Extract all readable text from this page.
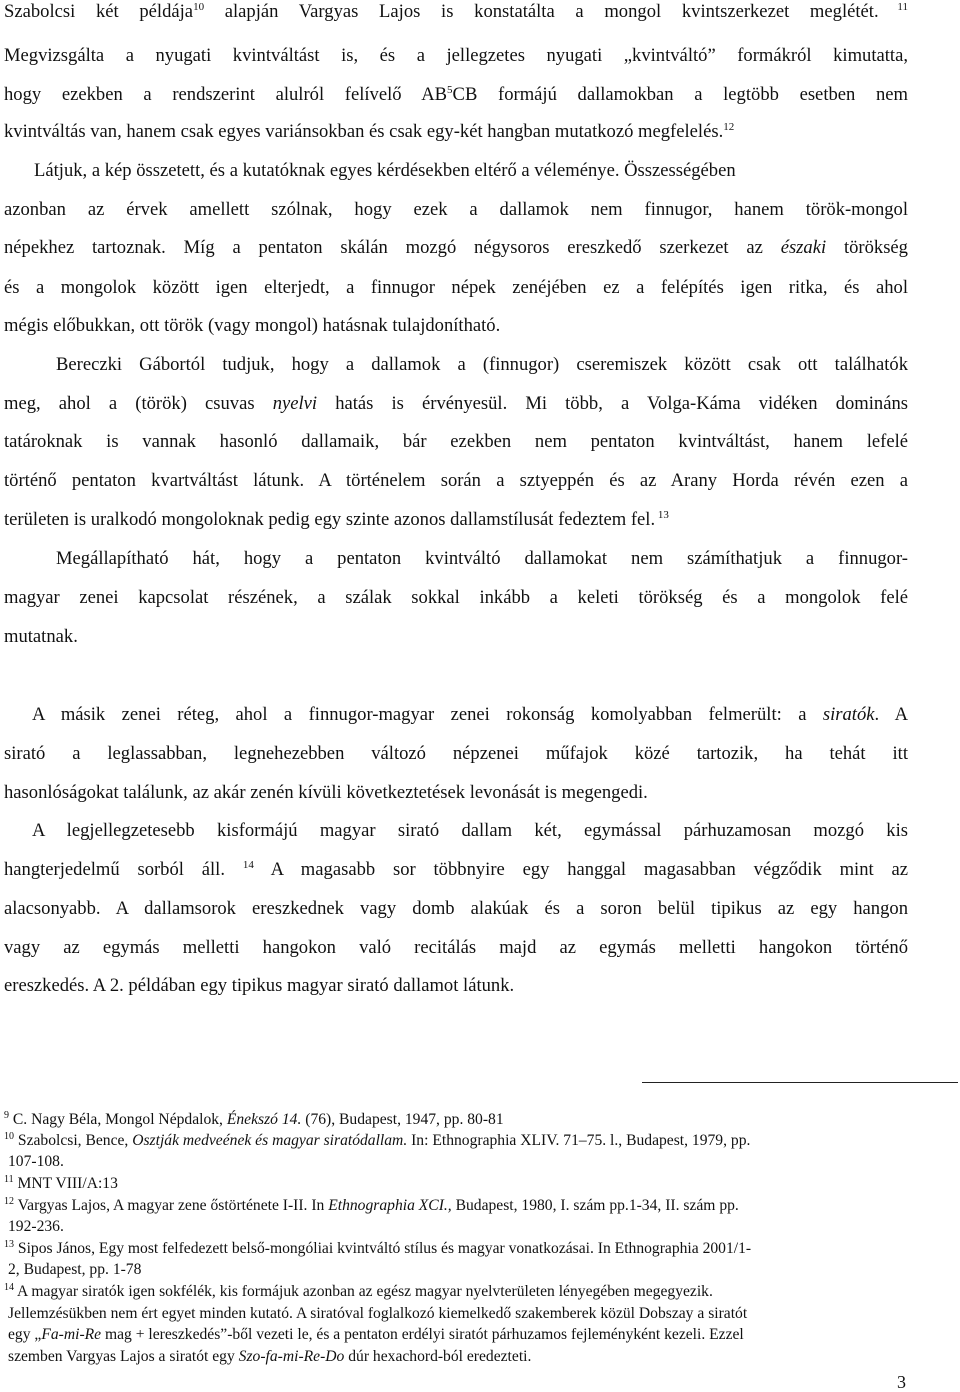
Szabolcsi két példája$^{10}$ alapján Vargyas Lajos is konstatálta a mongol kvintszerkezet meglétét. $^{11}$
Megvizsgálta a nyugati kvintváltást is, és a jellegzetes nyugati „kvintváltó” formákról kimutatta,
hogy ezekben a rendszerint alulról felívelő $AB^5CB$ formájú dallamokban a legtöbb esetben nem
kvintváltás van, hanem csak egyes variánsokban és csak egy-két hangban mutatkozó megfelelés.$^{12}$
Látjuk, a kép összetett, és a kutatóknak egyes kérdésekben eltérő a véleménye. Összességében
azonban az érvek amellett szólnak, hogy ezek a dallamok nem finnugor, hanem török-mongol
népekhez tartoznak. Míg a pentaton skálán mozgó négysoros ereszkedő szerkezet az északi törökség
és a mongolok között igen elterjedt, a finnugor népek zenéjében ez a felépítés igen ritka, és ahol
mégis előbukkan, ott török (vagy mongol) hatásnak tulajdonítható.
Bereczki Gábortól tudjuk, hogy a dallamok a (finnugor) cseremiszek között csak ott találhatók
meg, ahol a (török) csuvas nyelvi hatás is érvényesül. Mi több, a Volga-Káma vidéken domináns
tatároknak is vannak hasonló dallamaik, bár ezekben nem pentaton kvintváltást, hanem lefelé
történő pentaton kvartváltást látunk. A történelem során a sztyeppén és az Arany Horda révén ezen a
területen is uralkodó mongoloknak pedig egy szinte azonos dallamstílusát fedeztem fel. $^{13}$
Megállapítható hát, hogy a pentaton kvintváltó dallamokat nem számíthatjuk a finnugor-
magyar zenei kapcsolat részének, a szálak sokkal inkább a keleti törökség és a mongolok felé
mutatnak.
A másik zenei réteg, ahol a finnugor-magyar zenei rokonság komolyabban felmerült: a siratók. A
sirató a leglassabban, legnehezebben változó népzenei műfajok közé tartozik, ha tehát itt
hasonlóságokat találunk, az akár zenén kívüli következtetések levonását is megengedi.
A legjellegzetesebb kisformájú magyar sirató dallam két, egymással párhuzamosan mozgó kis
hangterjedelmű sorból áll. $^{14}$ A magasabb sor többnyire egy hanggal magasabban végződik mint az
alacsonyabb. A dallamsorok ereszkednek vagy domb alakúak és a soron belül tipikus az egy hangon
vagy az egymás melletti hangokon való recitálás majd az egymás melletti hangokon történő
ereszkedés. A 2. példában egy tipikus magyar sirató dallamot látunk.
$^9$ C. Nagy Béla, Mongol Népdalok, Énekszó 14. (76), Budapest, 1947, pp. 80-81
$^{10}$ Szabolcsi, Bence, Osztják medveének és magyar siratódallam. In: Ethnographia XLIV. 71–75. l., Budapest, 1979, pp.
107-108.
$^{11}$ MNT VIII/A:13
$^{12}$ Vargyas Lajos, A magyar zene őstörténete I-II. In Ethnographia XCI., Budapest, 1980, I. szám pp.1-34, II. szám pp.
192-236.
$^{13}$ Sipos János, Egy most felfedezett belső-mongóliai kvintváltó stílus és magyar vonatkozásai. In Ethnographia 2001/1-
2, Budapest, pp. 1-78
$^{14}$ A magyar siratók igen sokfélék, kis formájuk azonban az egész magyar nyelvterületen lényegében megegyezik.
Jellemzésükben nem ért egyet minden kutató. A siratóval foglalkozó kiemelkedő szakemberek közül Dobszay a siratót
egy „Fa-mi-Re mag + lereszkedés”-ből vezeti le, és a pentaton erdélyi siratót párhuzamos fejleményként kezeli. Ezzel
szemben Vargyas Lajos a siratót egy Szo-fa-mi-Re-Do dúr hexachord-ból eredezteti.
3
